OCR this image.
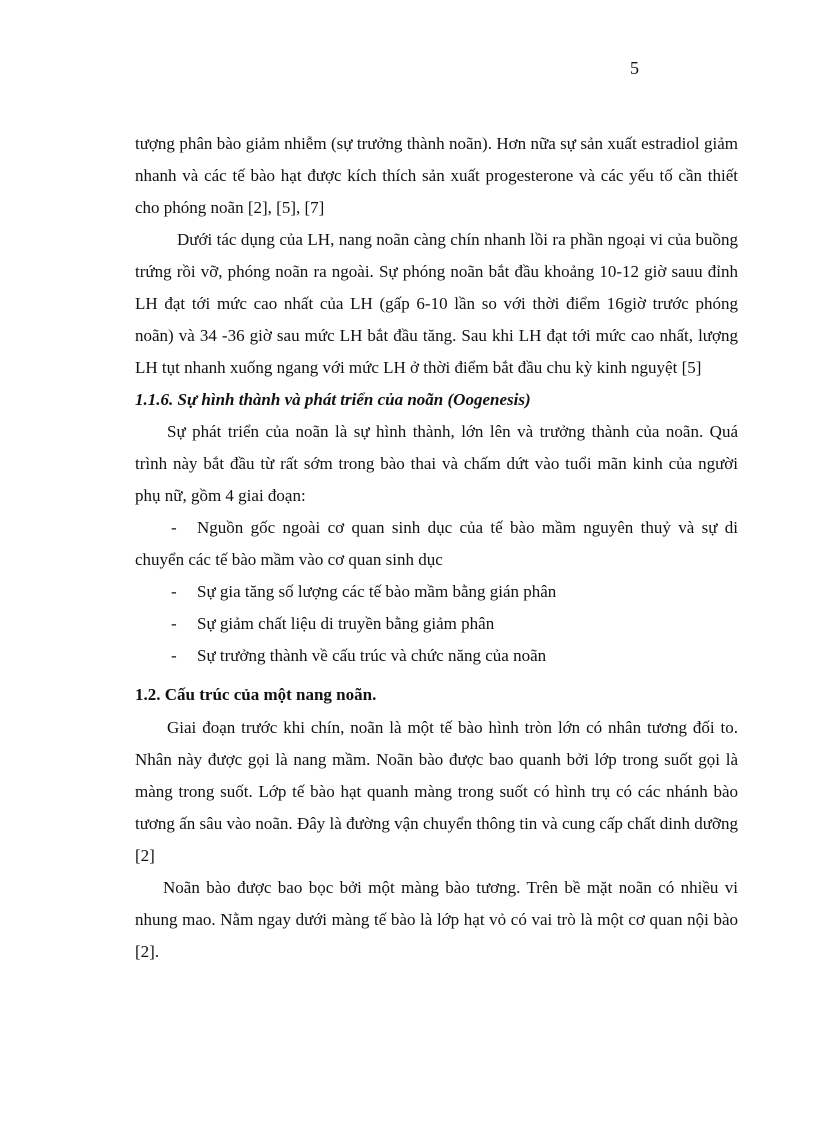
5

tượng phân bào giảm nhiễm (sự trưởng thành noãn). Hơn nữa sự sản xuất estradiol giảm nhanh và các tế bào hạt được kích thích sản xuất progesterone và các yếu tố cần thiết cho phóng noãn [2], [5], [7]

Dưới tác dụng của LH, nang noãn càng chín nhanh lồi ra phần ngoại vi của buồng trứng rồi vỡ, phóng noãn ra ngoài. Sự phóng noãn bắt đầu khoảng 10-12 giờ sauu đỉnh LH đạt tới mức cao nhất của LH (gấp 6-10 lần so với thời điểm 16giờ trước phóng noãn) và 34 -36 giờ sau mức LH bắt đầu tăng. Sau khi LH đạt tới mức cao nhất, lượng LH tụt nhanh xuống ngang với mức LH ở thời điểm bắt đầu chu kỳ kinh nguyệt [5]

1.1.6. Sự hình thành và phát triển của noãn (Oogenesis)

Sự phát triển của noãn là sự hình thành, lớn lên và trưởng thành của noãn. Quá trình này bắt đầu từ rất sớm trong bào thai và chấm dứt vào tuổi mãn kinh của người phụ nữ, gồm 4 giai đoạn:

- Nguồn gốc ngoài cơ quan sinh dục của tế bào mầm nguyên thuỷ và sự di chuyển các tế bào mầm vào cơ quan sinh dục
- Sự gia tăng số lượng các tế bào mầm bằng gián phân
- Sự giảm chất liệu di truyền bằng giảm phân
- Sự trưởng thành về cấu trúc và chức năng của noãn

1.2. Cấu trúc của một nang noãn.

Giai đoạn trước khi chín, noãn là một tế bào hình tròn lớn có nhân tương đối to. Nhân này được gọi là nang mầm. Noãn bào được bao quanh bởi lớp trong suốt gọi là màng trong suốt. Lớp tế bào hạt quanh màng trong suốt có hình trụ có các nhánh bào tương ấn sâu vào noãn. Đây là đường vận chuyển thông tin và cung cấp chất dinh dưỡng [2]

Noãn bào được bao bọc bởi một màng bào tương. Trên bề mặt noãn có nhiều vi nhung mao. Nằm ngay dưới màng tế bào là lớp hạt vỏ có vai trò là một cơ quan nội bào [2].
